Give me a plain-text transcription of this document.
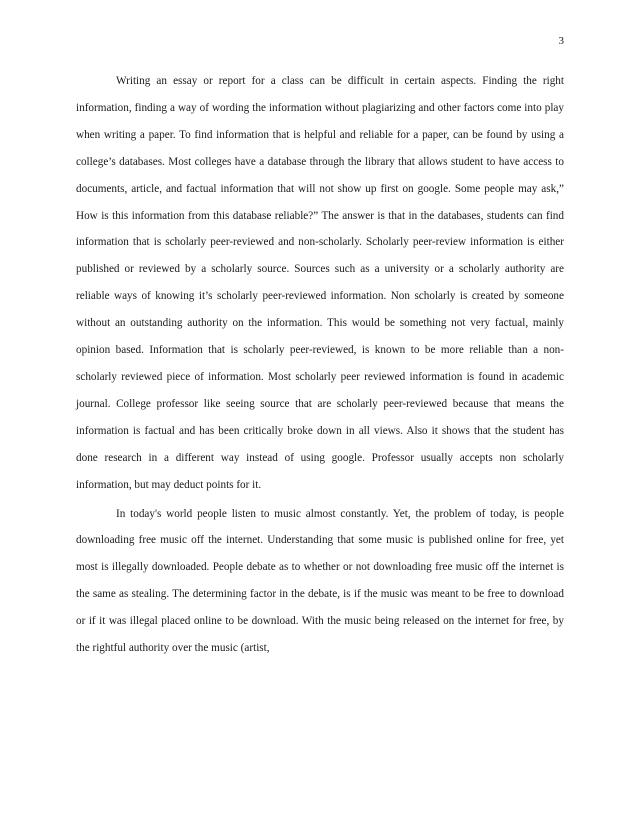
3

Writing an essay or report for a class can be difficult in certain aspects. Finding the right information, finding a way of wording the information without plagiarizing and other factors come into play when writing a paper. To find information that is helpful and reliable for a paper, can be found by using a college’s databases. Most colleges have a database through the library that allows student to have access to documents, article, and factual information that will not show up first on google. Some people may ask,” How is this information from this database reliable?” The answer is that in the databases, students can find information that is scholarly peer-reviewed and non-scholarly. Scholarly peer-review information is either published or reviewed by a scholarly source. Sources such as a university or a scholarly authority are reliable ways of knowing it’s scholarly peer-reviewed information. Non scholarly is created by someone without an outstanding authority on the information. This would be something not very factual, mainly opinion based. Information that is scholarly peer-reviewed, is known to be more reliable than a non-scholarly reviewed piece of information. Most scholarly peer reviewed information is found in academic journal. College professor like seeing source that are scholarly peer-reviewed because that means the information is factual and has been critically broke down in all views. Also it shows that the student has done research in a different way instead of using google. Professor usually accepts non scholarly information, but may deduct points for it.

In today's world people listen to music almost constantly. Yet, the problem of today, is people downloading free music off the internet. Understanding that some music is published online for free, yet most is illegally downloaded. People debate as to whether or not downloading free music off the internet is the same as stealing. The determining factor in the debate, is if the music was meant to be free to download or if it was illegal placed online to be download. With the music being released on the internet for free, by the rightful authority over the music (artist,
